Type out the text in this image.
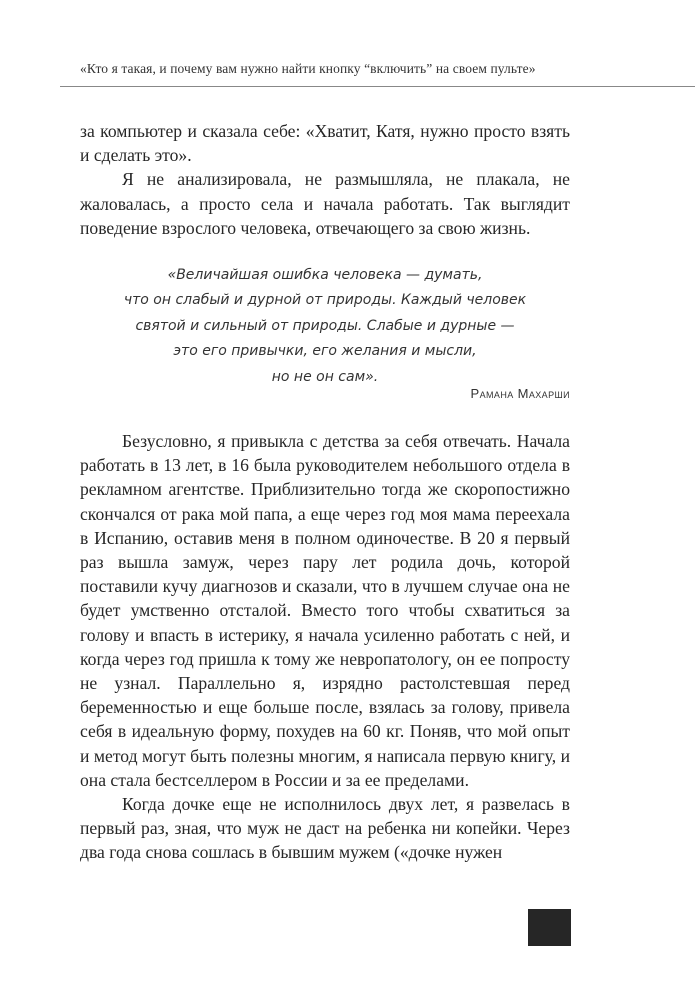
«Кто я такая, и почему вам нужно найти кнопку “включить” на своем пульте»

за компьютер и сказала себе: «Хватит, Катя, нужно просто взять и сделать это».

Я не анализировала, не размышляла, не плакала, не жаловалась, а просто села и начала работать. Так выглядит поведение взрослого человека, отвечающего за свою жизнь.

«Величайшая ошибка человека — думать,
что он слабый и дурной от природы. Каждый человек
святой и сильный от природы. Слабые и дурные —
это его привычки, его желания и мысли,
но не он сам».
Рамана Махарши

Безусловно, я привыкла с детства за себя отвечать. Начала работать в 13 лет, в 16 была руководителем небольшого отдела в рекламном агентстве. Приблизительно тогда же скоропостижно скончался от рака мой папа, а еще через год моя мама переехала в Испанию, оставив меня в полном одиночестве. В 20 я первый раз вышла замуж, через пару лет родила дочь, которой поставили кучу диагнозов и сказали, что в лучшем случае она не будет умственно отсталой. Вместо того чтобы схватиться за голову и впасть в истерику, я начала усиленно работать с ней, и когда через год пришла к тому же невропатологу, он ее попросту не узнал. Параллельно я, изрядно растолстевшая перед беременностью и еще больше после, взялась за голову, привела себя в идеальную форму, похудев на 60 кг. Поняв, что мой опыт и метод могут быть полезны многим, я написала первую книгу, и она стала бестселлером в России и за ее пределами.

Когда дочке еще не исполнилось двух лет, я развелась в первый раз, зная, что муж не даст на ребенка ни копейки. Через два года снова сошлась в бывшим мужем («дочке нужен
